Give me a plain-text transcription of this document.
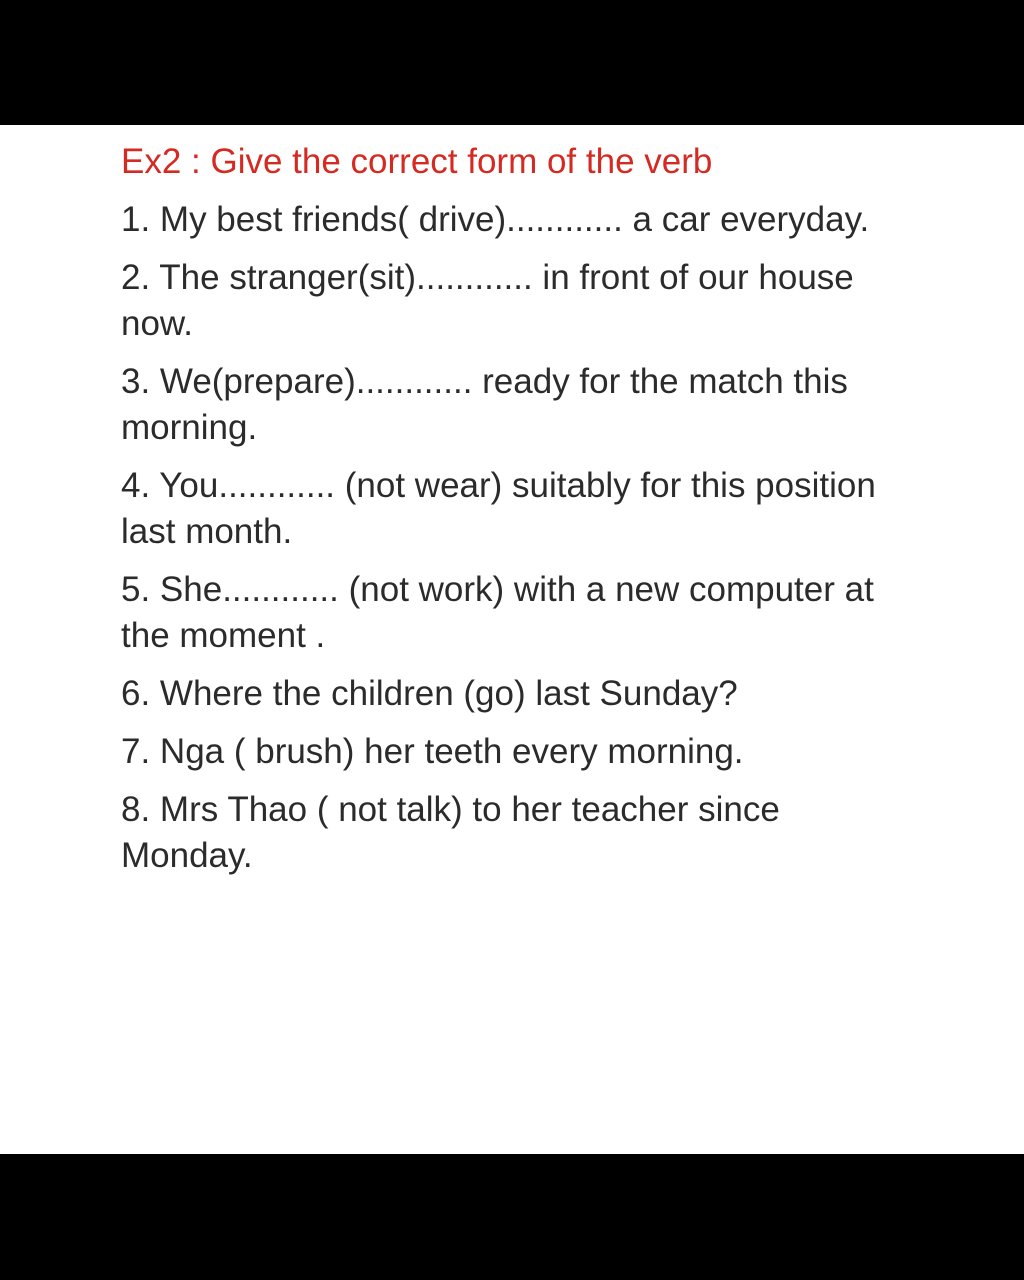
Ex2 : Give the correct form of the verb
1. My best friends( drive)............ a car everyday.
2. The stranger(sit)............ in front of our house now.
3. We(prepare)............ ready for the match this morning.
4. You............ (not wear) suitably for this position last month.
5. She............ (not work) with a new computer at the moment .
6. Where the children (go) last Sunday?
7. Nga ( brush) her teeth every morning.
8. Mrs Thao ( not talk) to her teacher since Monday.
